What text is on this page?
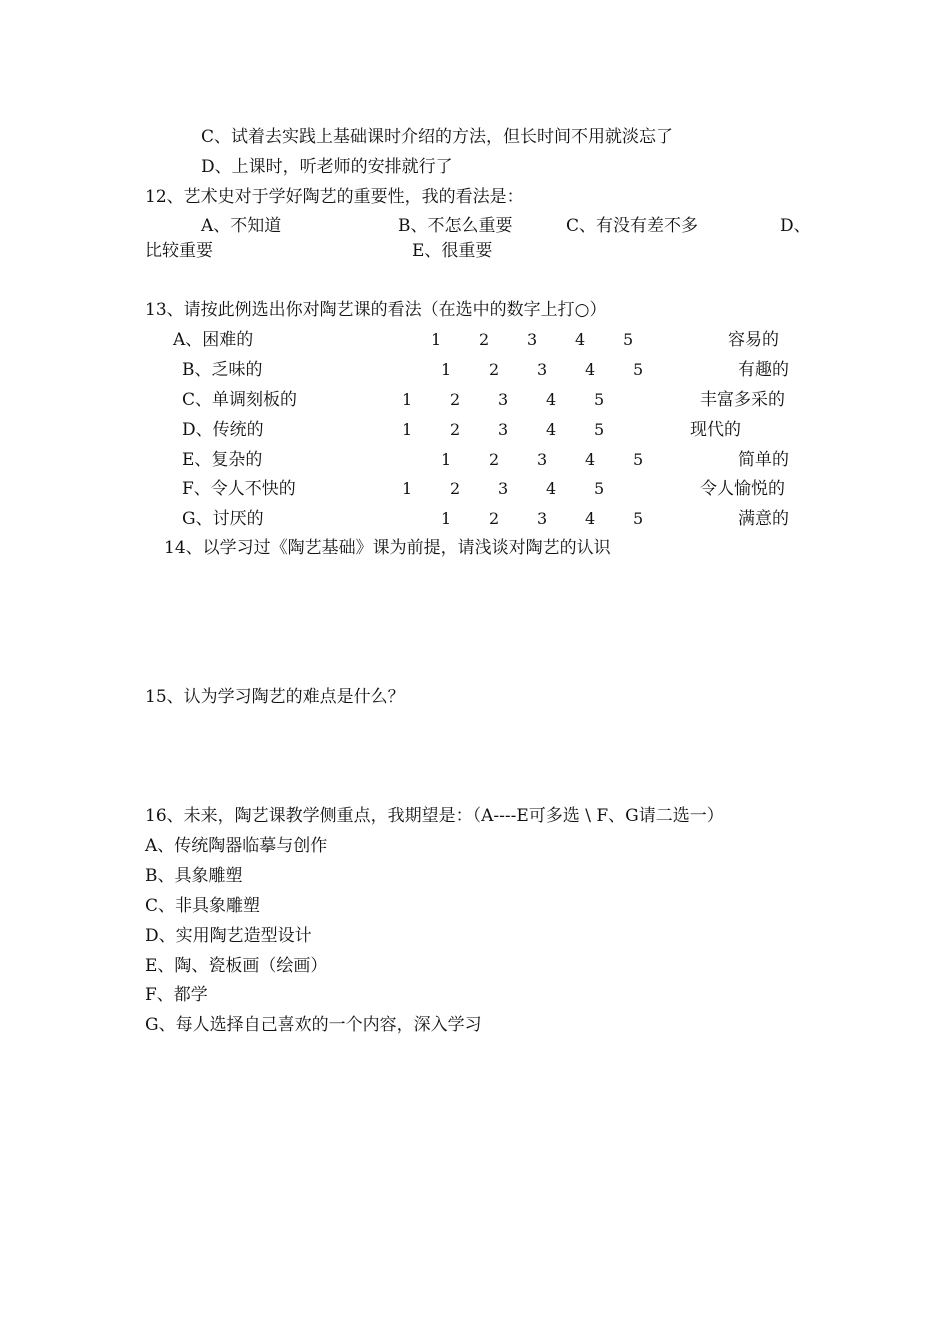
C、试着去实践上基础课时介绍的方法，但长时间不用就淡忘了
D、上课时，听老师的安排就行了
12、艺术史对于学好陶艺的重要性，我的看法是：
A、不知道	B、不怎么重要	C、有没有差不多	D、
比较重要	E、很重要
13、请按此例选出你对陶艺课的看法（在选中的数字上打○）
A、困难的	1 2 3 4 5	容易的
B、乏味的	1 2 3 4 5	有趣的
C、单调刻板的	1 2 3 4 5	丰富多采的
D、传统的	1 2 3 4 5	现代的
E、复杂的	1 2 3 4 5	简单的
F、令人不快的	1 2 3 4 5	令人愉悦的
G、讨厌的	1 2 3 4 5	满意的
14、以学习过《陶艺基础》课为前提，请浅谈对陶艺的认识
15、认为学习陶艺的难点是什么？
16、未来，陶艺课教学侧重点，我期望是：（A----E可多选 \ F、G请二选一）
A、传统陶器临摹与创作
B、具象雕塑
C、非具象雕塑
D、实用陶艺造型设计
E、陶、瓷板画（绘画）
F、都学
G、每人选择自己喜欢的一个内容，深入学习
